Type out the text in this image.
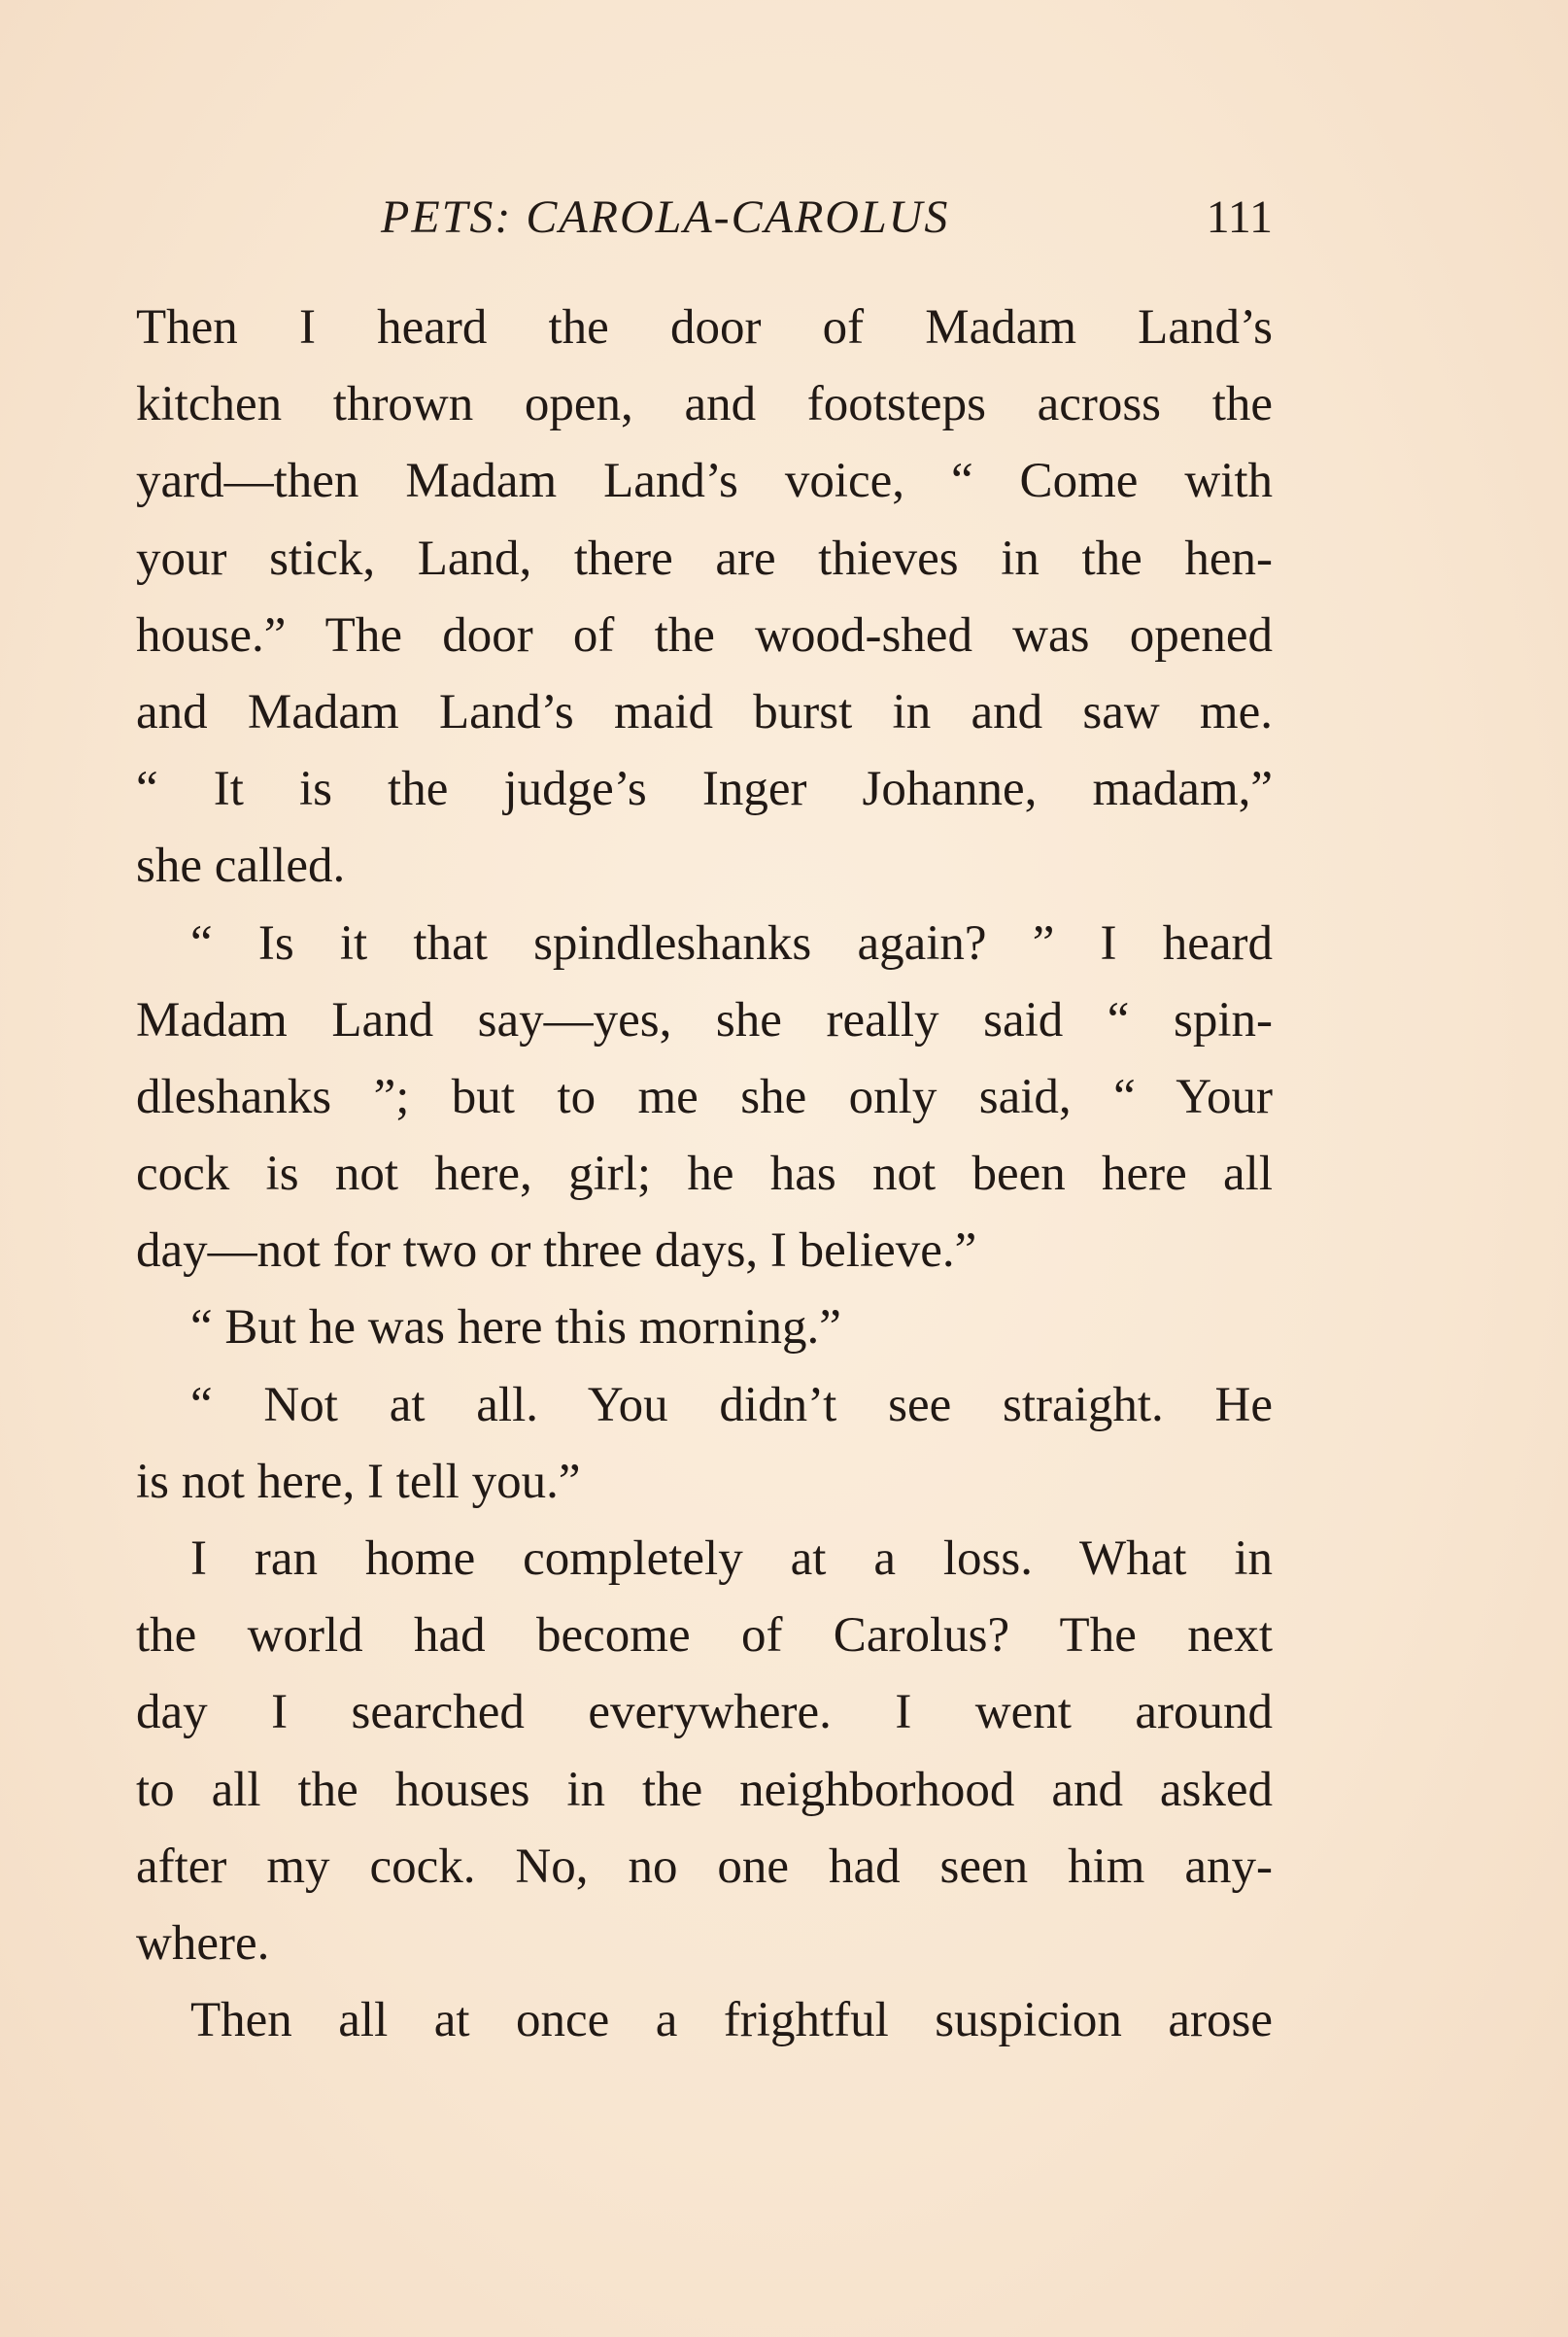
PETS: CAROLA-CAROLUS	111

Then I heard the door of Madam Land’s

kitchen thrown open, and footsteps across the

yard—then Madam Land’s voice, “ Come with

your stick, Land, there are thieves in the hen-

house.” The door of the wood-shed was opened

and Madam Land’s maid burst in and saw me.

“ It is the judge’s Inger Johanne, madam,”

she called.

“ Is it that spindleshanks again? ” I heard

Madam Land say—yes, she really said “ spin-

dleshanks ”; but to me she only said, “ Your

cock is not here, girl; he has not been here all

day—not for two or three days, I believe.”

“ But he was here this morning.”

“ Not at all. You didn’t see straight. He

is not here, I tell you.”

I ran home completely at a loss. What in

the world had become of Carolus? The next

day I searched everywhere. I went around

to all the houses in the neighborhood and asked

after my cock. No, no one had seen him any-

where.

Then all at once a frightful suspicion arose
